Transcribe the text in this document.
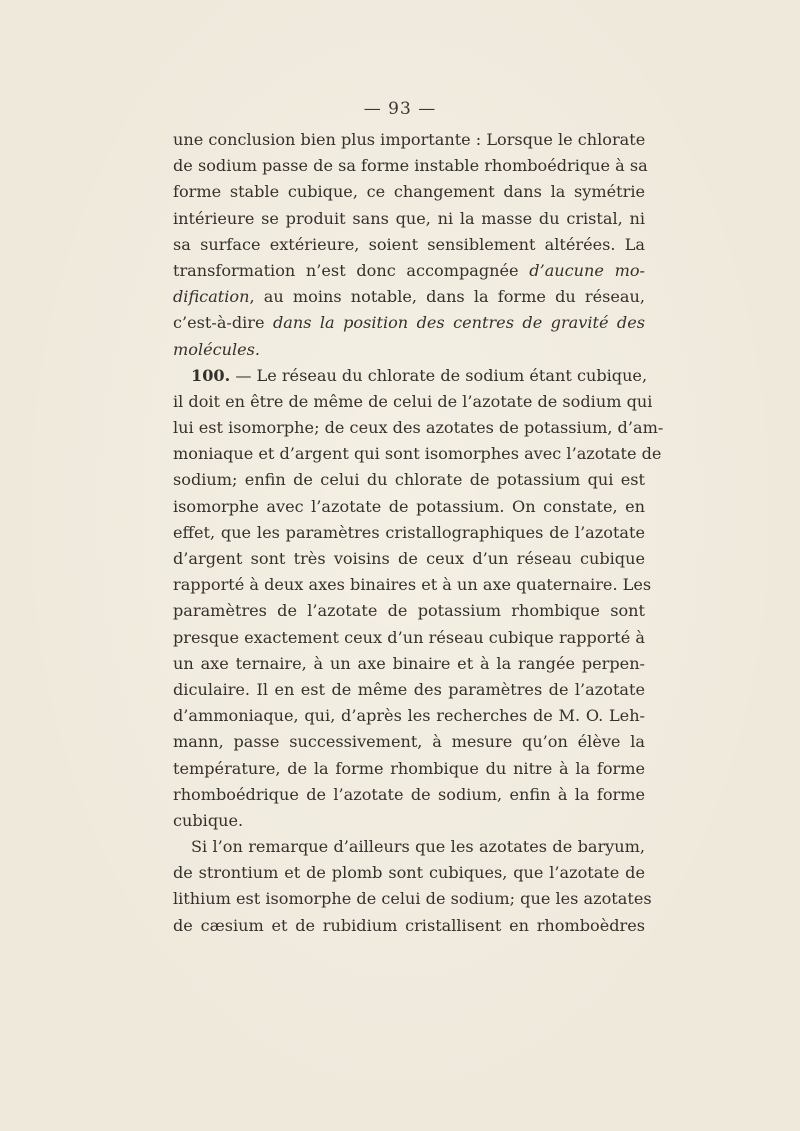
— 93 —
une conclusion bien plus importante : Lorsque le chlorate
de sodium passe de sa forme instable rhomboédrique à sa
forme stable cubique, ce changement dans la symétrie
intérieure se produit sans que, ni la masse du cristal, ni
sa surface extérieure, soient sensiblement altérées. La
transformation n’est donc accompagnée d’aucune mo-
dification, au moins notable, dans la forme du réseau,
c’est-à-dire dans la position des centres de gravité des
molécules.
100. — Le réseau du chlorate de sodium étant cubique,
il doit en être de même de celui de l’azotate de sodium qui
lui est isomorphe; de ceux des azotates de potassium, d’am-
moniaque et d’argent qui sont isomorphes avec l’azotate de
sodium; enfin de celui du chlorate de potassium qui est
isomorphe avec l’azotate de potassium. On constate, en
effet, que les paramètres cristallographiques de l’azotate
d’argent sont très voisins de ceux d’un réseau cubique
rapporté à deux axes binaires et à un axe quaternaire. Les
paramètres de l’azotate de potassium rhombique sont
presque exactement ceux d’un réseau cubique rapporté à
un axe ternaire, à un axe binaire et à la rangée perpen-
diculaire. Il en est de même des paramètres de l’azotate
d’ammoniaque, qui, d’après les recherches de M. O. Leh-
mann, passe successivement, à mesure qu’on élève la
température, de la forme rhombique du nitre à la forme
rhomboédrique de l’azotate de sodium, enfin à la forme
cubique.
Si l’on remarque d’ailleurs que les azotates de baryum,
de strontium et de plomb sont cubiques, que l’azotate de
lithium est isomorphe de celui de sodium; que les azotates
de cæsium et de rubidium cristallisent en rhomboèdres
